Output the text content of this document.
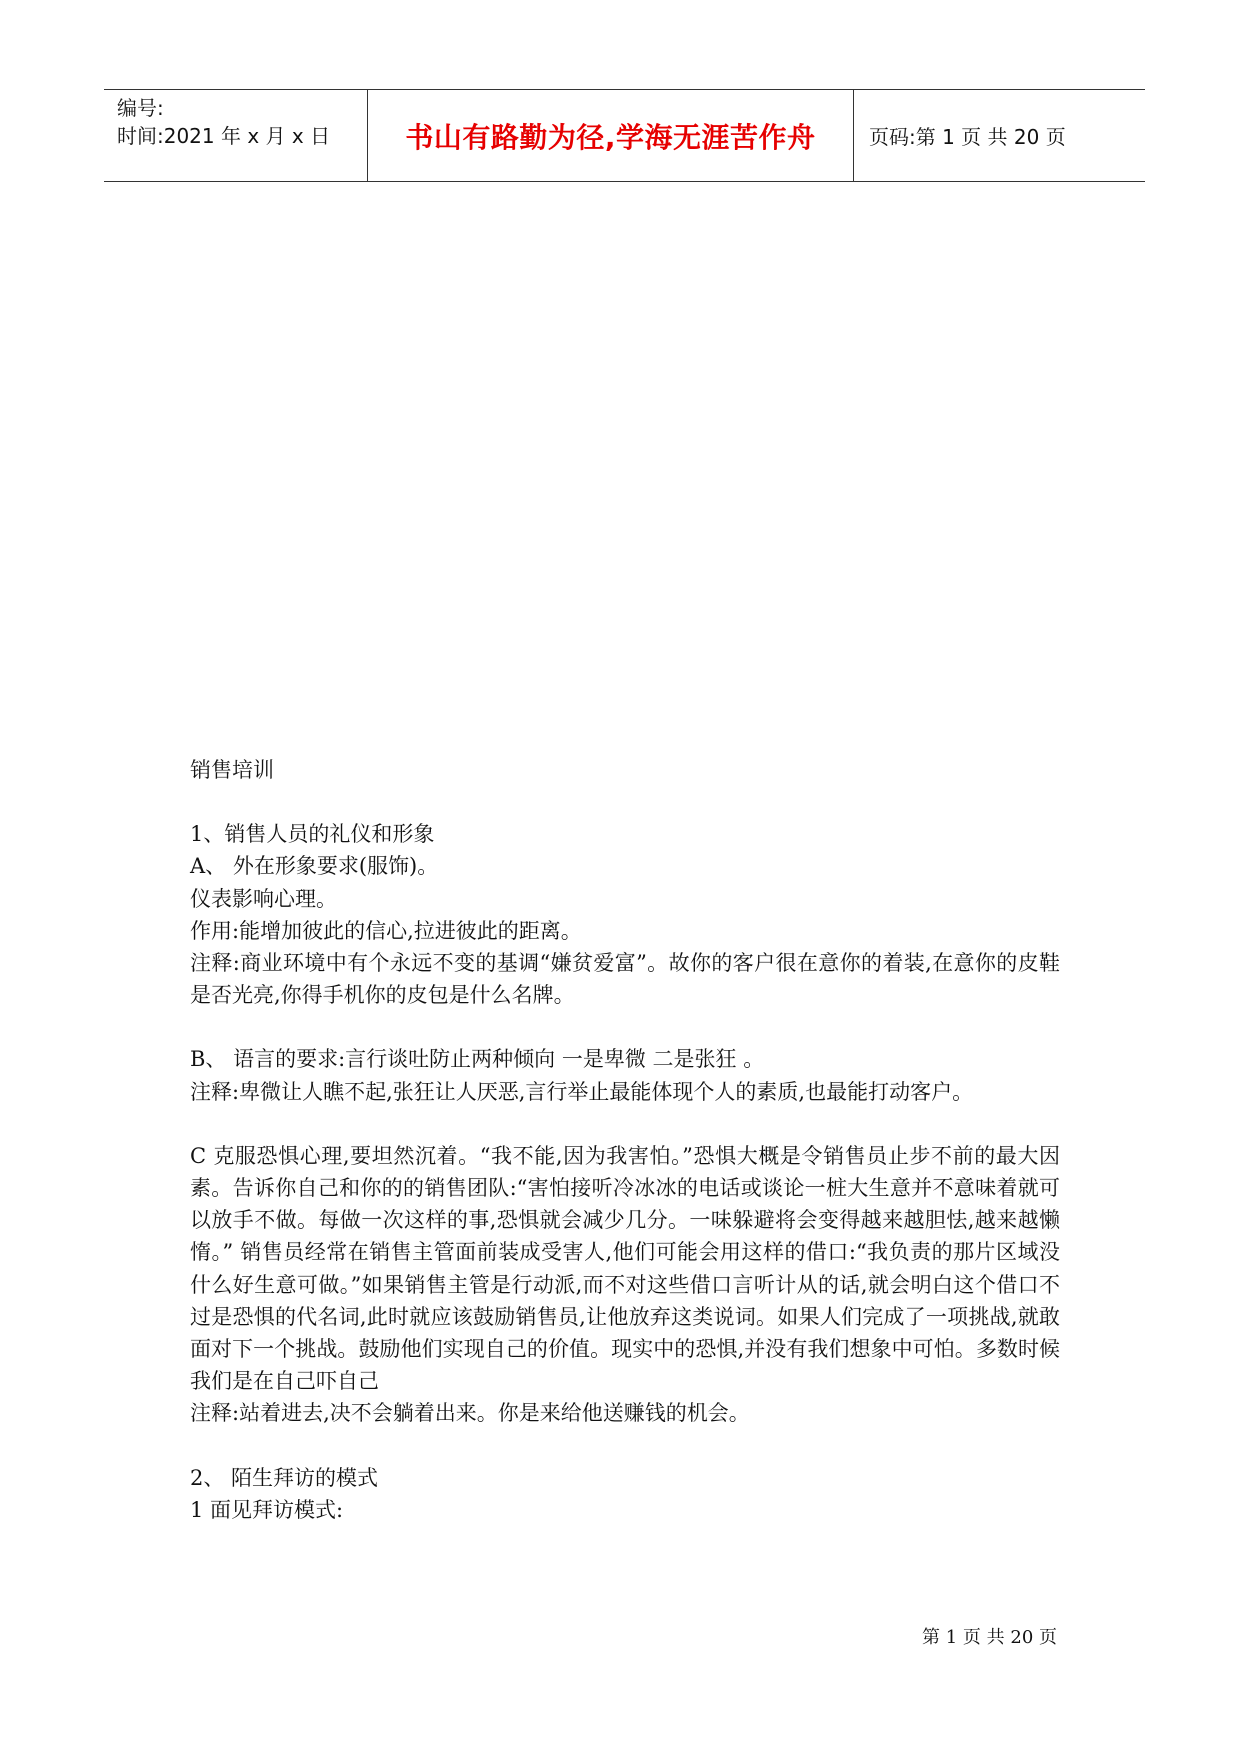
编号:
时间:2021 年 x 月 x 日	书山有路勤为径,学海无涯苦作舟	页码:第 1 页 共 20 页

销售培训

1、销售人员的礼仪和形象

A、 外在形象要求(服饰)。

仪表影响心理。

作用:能增加彼此的信心,拉进彼此的距离。

注释:商业环境中有个永远不变的基调“嫌贫爱富”。故你的客户很在意你的着装,在意你的皮鞋是否光亮,你得手机你的皮包是什么名牌。

B、 语言的要求:言行谈吐防止两种倾向 一是卑微 二是张狂 。

注释:卑微让人瞧不起,张狂让人厌恶,言行举止最能体现个人的素质,也最能打动客户。

C 克服恐惧心理,要坦然沉着。“我不能,因为我害怕。”恐惧大概是令销售员止步不前的最大因素。告诉你自己和你的的销售团队:“害怕接听冷冰冰的电话或谈论一桩大生意并不意味着就可以放手不做。每做一次这样的事,恐惧就会减少几分。一味躲避将会变得越来越胆怯,越来越懒惰。” 销售员经常在销售主管面前装成受害人,他们可能会用这样的借口:“我负责的那片区域没什么好生意可做。”如果销售主管是行动派,而不对这些借口言听计从的话,就会明白这个借口不过是恐惧的代名词,此时就应该鼓励销售员,让他放弃这类说词。如果人们完成了一项挑战,就敢面对下一个挑战。鼓励他们实现自己的价值。现实中的恐惧,并没有我们想象中可怕。多数时候我们是在自己吓自己

注释:站着进去,决不会躺着出来。你是来给他送赚钱的机会。

2、 陌生拜访的模式

1 面见拜访模式:

第 1 页 共 20 页
